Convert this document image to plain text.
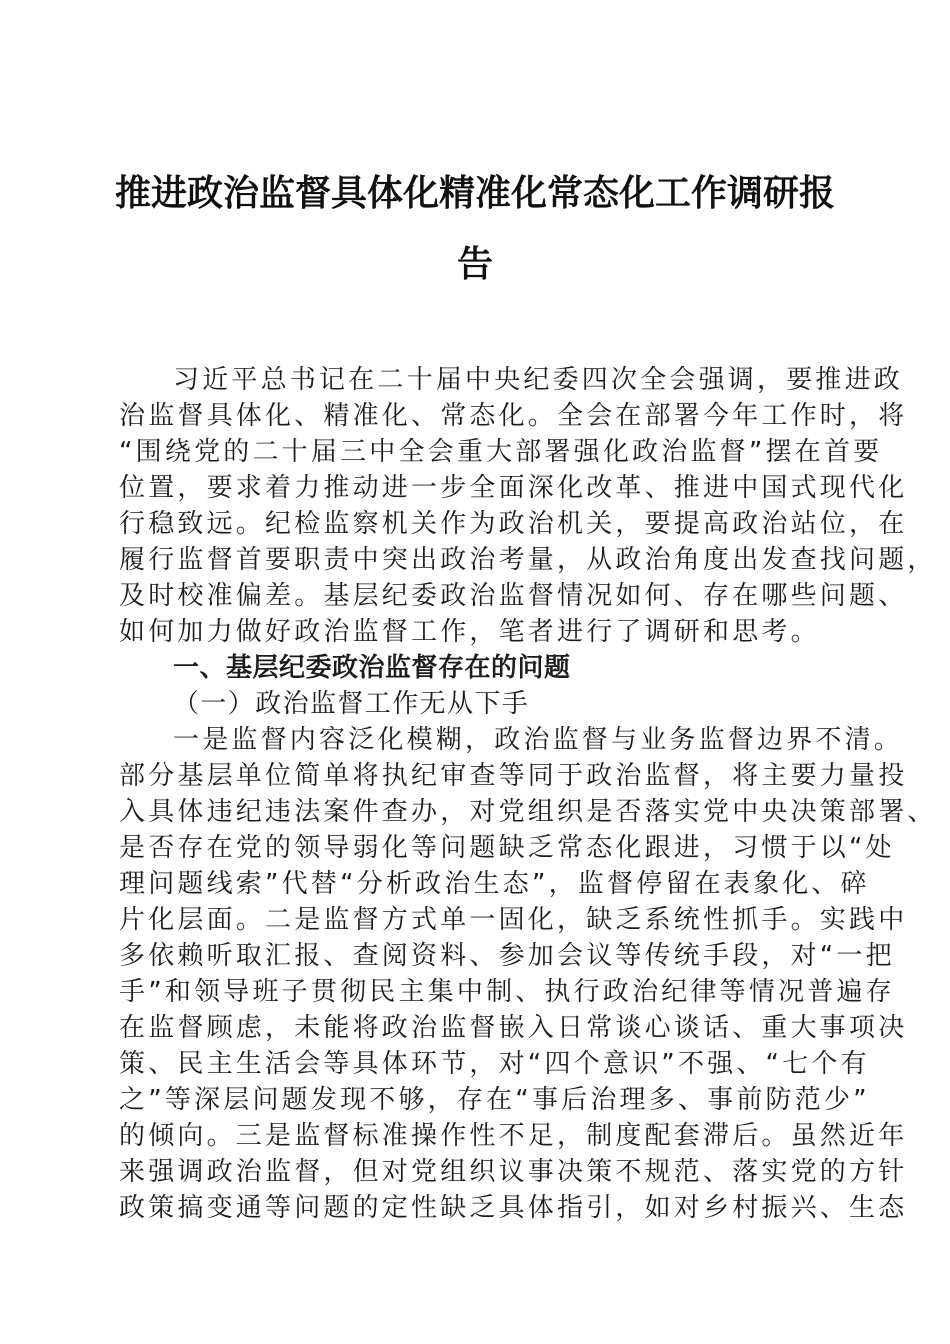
推进政治监督具体化精准化常态化工作调研报
告
习近平总书记在二十届中央纪委四次全会强调，要推进政
治监督具体化、精准化、常态化。全会在部署今年工作时，将
“围绕党的二十届三中全会重大部署强化政治监督”摆在首要
位置，要求着力推动进一步全面深化改革、推进中国式现代化
行稳致远。纪检监察机关作为政治机关，要提高政治站位，在
履行监督首要职责中突出政治考量，从政治角度出发查找问题，
及时校准偏差。基层纪委政治监督情况如何、存在哪些问题、
如何加力做好政治监督工作，笔者进行了调研和思考。
一、基层纪委政治监督存在的问题
（一）政治监督工作无从下手
一是监督内容泛化模糊，政治监督与业务监督边界不清。
部分基层单位简单将执纪审查等同于政治监督，将主要力量投
入具体违纪违法案件查办，对党组织是否落实党中央决策部署、
是否存在党的领导弱化等问题缺乏常态化跟进，习惯于以“处
理问题线索”代替“分析政治生态”，监督停留在表象化、碎
片化层面。二是监督方式单一固化，缺乏系统性抓手。实践中
多依赖听取汇报、查阅资料、参加会议等传统手段，对“一把
手”和领导班子贯彻民主集中制、执行政治纪律等情况普遍存
在监督顾虑，未能将政治监督嵌入日常谈心谈话、重大事项决
策、民主生活会等具体环节，对“四个意识”不强、“七个有
之”等深层问题发现不够，存在“事后治理多、事前防范少”
的倾向。三是监督标准操作性不足，制度配套滞后。虽然近年
来强调政治监督，但对党组织议事决策不规范、落实党的方针
政策搞变通等问题的定性缺乏具体指引，如对乡村振兴、生态
